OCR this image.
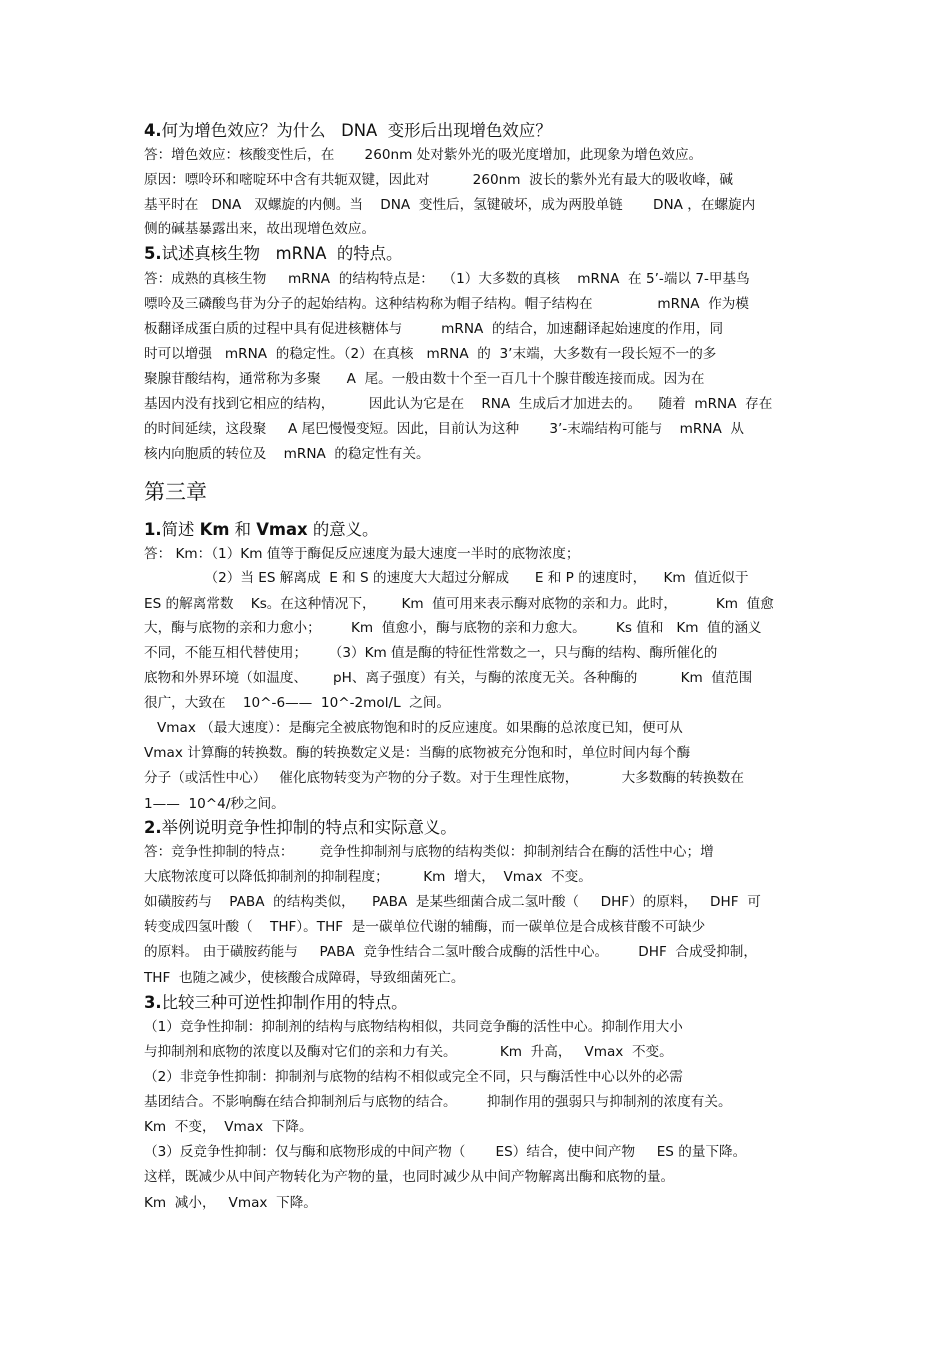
4.何为增色效应？为什么   DNA  变形后出现增色效应？
答：增色效应：核酸变性后，在       260nm 处对紫外光的吸光度增加，此现象为增色效应。
原因：嘌呤环和嘧啶环中含有共轭双键，因此对          260nm  波长的紫外光有最大的吸收峰，碱
基平时在   DNA   双螺旋的内侧。当    DNA  变性后，氢键破坏，成为两股单链       DNA ，在螺旋内
侧的碱基暴露出来，故出现增色效应。
5.试述真核生物   mRNA  的特点。
答：成熟的真核生物     mRNA  的结构特点是：  （1）大多数的真核    mRNA  在 5’-端以 7-甲基鸟
嘌呤及三磷酸鸟苷为分子的起始结构。这种结构称为帽子结构。帽子结构在               mRNA  作为模
板翻译成蛋白质的过程中具有促进核糖体与         mRNA  的结合，加速翻译起始速度的作用，同
时可以增强   mRNA  的稳定性。（2）在真核   mRNA  的  3’末端，大多数有一段长短不一的多
聚腺苷酸结构，通常称为多聚      A  尾。一般由数十个至一百几十个腺苷酸连接而成。因为在
基因内没有找到它相应的结构，        因此认为它是在    RNA  生成后才加进去的。    随着  mRNA  存在
的时间延续，这段聚     A 尾巴慢慢变短。因此，目前认为这种       3’-末端结构可能与    mRNA  从
核内向胞质的转位及    mRNA  的稳定性有关。
第三章
1.简述 Km 和 Vmax 的意义。
答： Km：（1）Km 值等于酶促反应速度为最大速度一半时的底物浓度；
（2）当 ES 解离成  E 和 S 的速度大大超过分解成      E 和 P 的速度时，    Km  值近似于
ES 的解离常数    Ks。在这种情况下，      Km  值可用来表示酶对底物的亲和力。此时，         Km  值愈
大，酶与底物的亲和力愈小；       Km  值愈小，酶与底物的亲和力愈大。       Ks 值和   Km  值的涵义
不同，不能互相代替使用；     （3）Km 值是酶的特征性常数之一，只与酶的结构、酶所催化的
底物和外界环境（如温度、      pH、离子强度）有关，与酶的浓度无关。各种酶的          Km  值范围
很广，大致在    10^-6——  10^-2mol/L  之间。
Vmax （最大速度）：是酶完全被底物饱和时的反应速度。如果酶的总浓度已知，便可从
Vmax 计算酶的转换数。酶的转换数定义是：当酶的底物被充分饱和时，单位时间内每个酶
分子（或活性中心）   催化底物转变为产物的分子数。对于生理性底物，          大多数酶的转换数在
1——  10^4/秒之间。
2.举例说明竞争性抑制的特点和实际意义。
答：竞争性抑制的特点：      竞争性抑制剂与底物的结构类似：抑制剂结合在酶的活性中心；增
大底物浓度可以降低抑制剂的抑制程度；        Km  增大，  Vmax  不变。
如磺胺药与    PABA  的结构类似，    PABA  是某些细菌合成二氢叶酸（     DHF）的原料，   DHF  可
转变成四氢叶酸（    THF）。THF  是一碳单位代谢的辅酶，而一碳单位是合成核苷酸不可缺少
的原料。 由于磺胺药能与     PABA  竞争性结合二氢叶酸合成酶的活性中心。       DHF  合成受抑制，
THF  也随之减少，使核酸合成障碍，导致细菌死亡。
3.比较三种可逆性抑制作用的特点。
（1）竞争性抑制：抑制剂的结构与底物结构相似，共同竞争酶的活性中心。抑制作用大小
与抑制剂和底物的浓度以及酶对它们的亲和力有关。          Km  升高，   Vmax  不变。
（2）非竞争性抑制：抑制剂与底物的结构不相似或完全不同，只与酶活性中心以外的必需
基团结合。不影响酶在结合抑制剂后与底物的结合。       抑制作用的强弱只与抑制剂的浓度有关。
Km  不变，  Vmax  下降。
（3）反竞争性抑制：仅与酶和底物形成的中间产物（       ES）结合，使中间产物     ES 的量下降。
这样，既减少从中间产物转化为产物的量，也同时减少从中间产物解离出酶和底物的量。
Km  减小，   Vmax  下降。
